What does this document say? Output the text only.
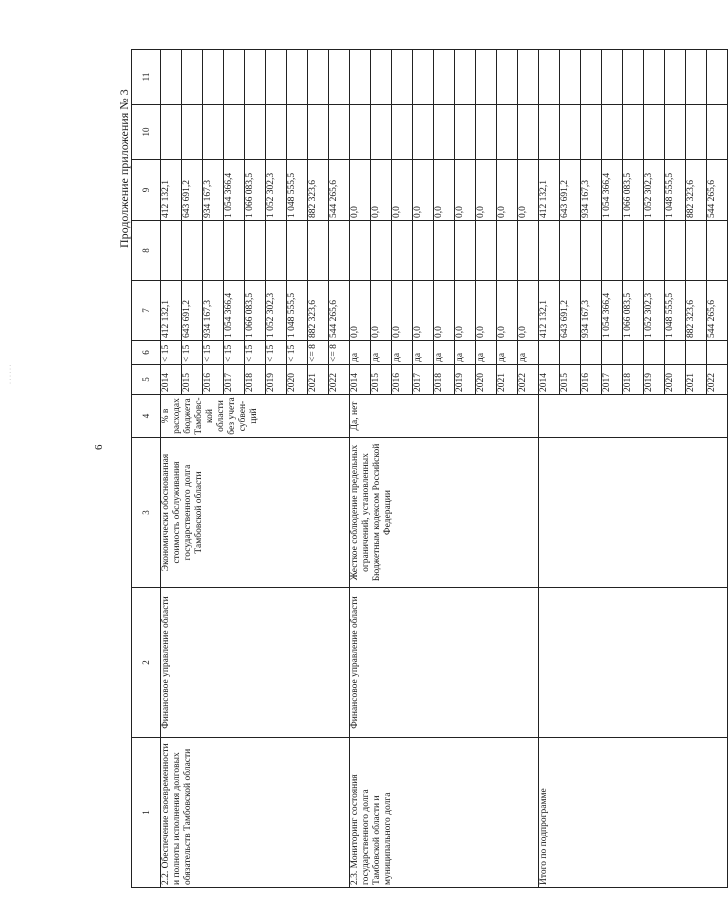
· · · · · ·
6
Продолжение приложения № 3
1	2	3	4	5	6	7	8	9	10	11
2.2. Обеспечение своевременности и полноты исполнения долговых обязательств Тамбовской области	Финансовое управление области	Экономически обоснованная стоимость обслуживания государственного долга Тамбовской области	% в расходах бюджета Тамбовс-кой области без учета субвен-ций	2014	< 15	412 132,1		412 132,1		
				2015	< 15	643 691,2		643 691,2		
				2016	< 15	934 167,3		934 167,3		
				2017	< 15	1 054 366,4		1 054 366,4		
				2018	< 15	1 066 083,5		1 066 083,5		
				2019	< 15	1 052 302,3		1 052 302,3		
				2020	< 15	1 048 555,5		1 048 555,5		
				2021	<= 8	882 323,6		882 323,6		
				2022	<= 8	544 265,6		544 265,6		
2.3. Мониторинг состояния государственного долга Тамбовской области и муниципального долга	Финансовое управление области	Жесткое соблюдение предельных ограничений, установленных Бюджетным кодексом Российской Федерации	Да, нет	2014	да	0,0		0,0		
				2015	да	0,0		0,0		
				2016	да	0,0		0,0		
				2017	да	0,0		0,0		
				2018	да	0,0		0,0		
				2019	да	0,0		0,0		
				2020	да	0,0		0,0		
				2021	да	0,0		0,0		
				2022	да	0,0		0,0		
Итого по подпрограмме				2014		412 132,1		412 132,1		
				2015		643 691,2		643 691,2		
				2016		934 167,3		934 167,3		
				2017		1 054 366,4		1 054 366,4		
				2018		1 066 083,5		1 066 083,5		
				2019		1 052 302,3		1 052 302,3		
				2020		1 048 555,5		1 048 555,5		
				2021		882 323,6		882 323,6		
				2022		544 265,6		544 265,6		
